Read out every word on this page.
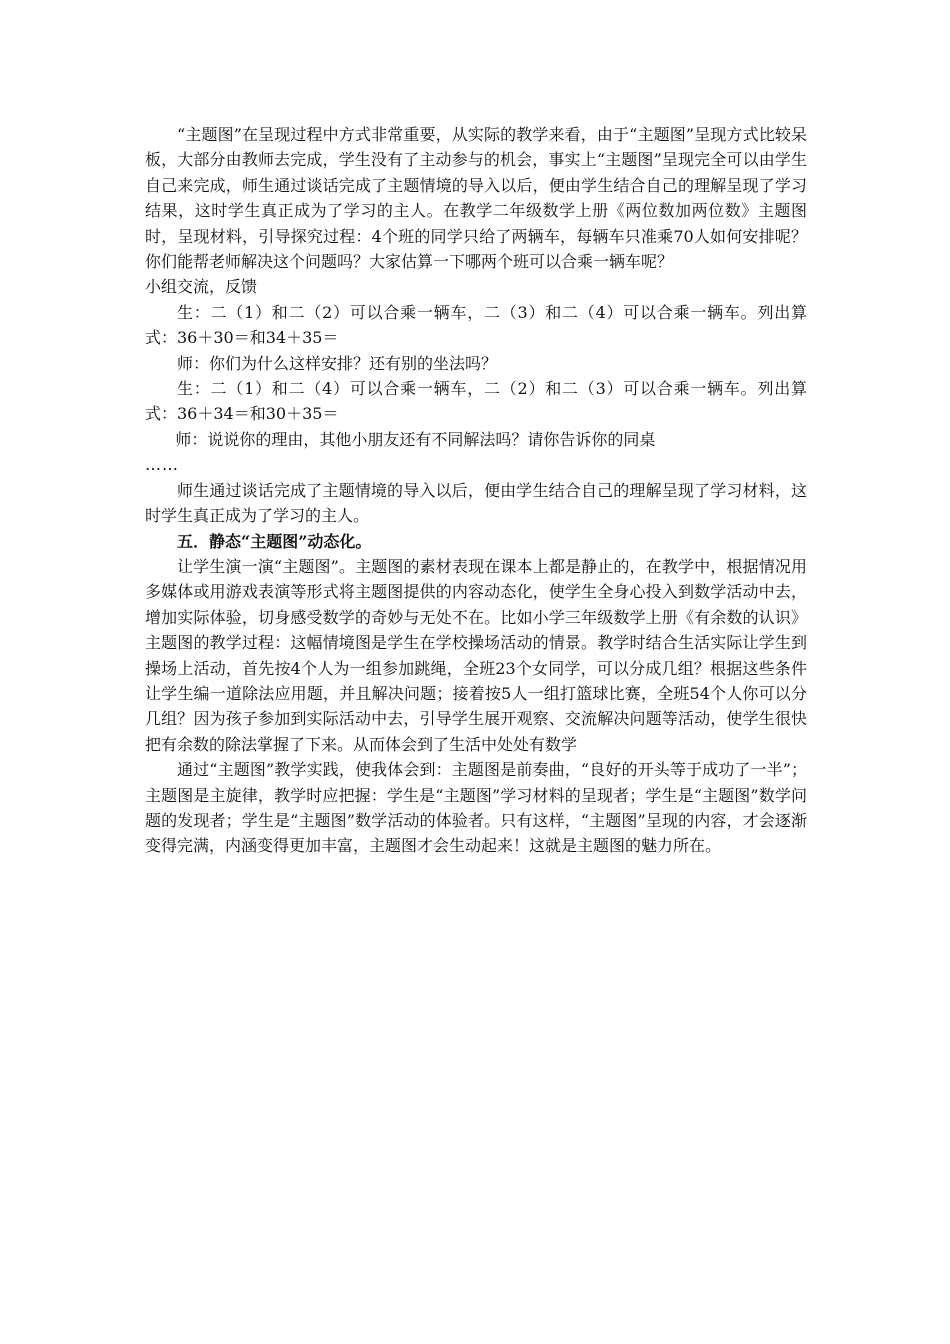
“主题图”在呈现过程中方式非常重要，从实际的教学来看，由于“主题图”呈现方式比较呆板，大部分由教师去完成，学生没有了主动参与的机会，事实上“主题图”呈现完全可以由学生自己来完成，师生通过谈话完成了主题情境的导入以后，便由学生结合自己的理解呈现了学习结果，这时学生真正成为了学习的主人。在教学二年级数学上册《两位数加两位数》主题图时，呈现材料，引导探究过程：4个班的同学只给了两辆车，每辆车只准乘70人如何安排呢？你们能帮老师解决这个问题吗？大家估算一下哪两个班可以合乘一辆车呢？

小组交流，反馈

生：二（1）和二（2）可以合乘一辆车，二（3）和二（4）可以合乘一辆车。列出算式：36＋30＝和34＋35＝

师：你们为什么这样安排？还有别的坐法吗？

生：二（1）和二（4）可以合乘一辆车，二（2）和二（3）可以合乘一辆车。列出算式：36＋34＝和30＋35＝

师：说说你的理由，其他小朋友还有不同解法吗？请你告诉你的同桌

……

师生通过谈话完成了主题情境的导入以后，便由学生结合自己的理解呈现了学习材料，这时学生真正成为了学习的主人。

五．静态“主题图”动态化。

让学生演一演“主题图”。主题图的素材表现在课本上都是静止的，在教学中，根据情况用多媒体或用游戏表演等形式将主题图提供的内容动态化，使学生全身心投入到数学活动中去，增加实际体验，切身感受数学的奇妙与无处不在。比如小学三年级数学上册《有余数的认识》主题图的教学过程：这幅情境图是学生在学校操场活动的情景。教学时结合生活实际让学生到操场上活动，首先按4个人为一组参加跳绳，全班23个女同学，可以分成几组？根据这些条件让学生编一道除法应用题，并且解决问题；接着按5人一组打篮球比赛，全班54个人你可以分几组？因为孩子参加到实际活动中去，引导学生展开观察、交流解决问题等活动，使学生很快把有余数的除法掌握了下来。从而体会到了生活中处处有数学

通过“主题图”教学实践，使我体会到：主题图是前奏曲，“良好的开头等于成功了一半”；主题图是主旋律，教学时应把握：学生是“主题图”学习材料的呈现者；学生是“主题图”数学问题的发现者；学生是“主题图”数学活动的体验者。只有这样，“主题图”呈现的内容，才会逐渐变得完满，内涵变得更加丰富，主题图才会生动起来！这就是主题图的魅力所在。
